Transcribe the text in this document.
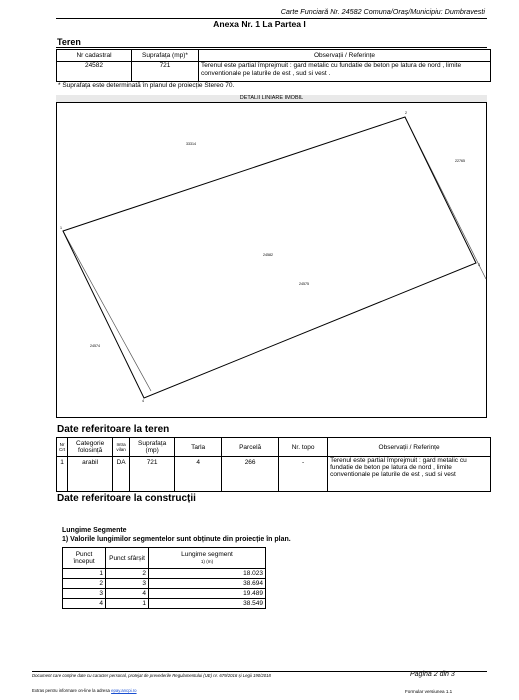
Carte Funciară Nr. 24582 Comuna/Oraș/Municipiu: Dumbravesti
Anexa Nr. 1 La Partea I
Teren
Nr cadastral	Suprafața (mp)*	Observații / Referințe
24582	721	Terenul este partial împrejmuit : gard metalic cu fundatie de beton pe latura de nord , limite conventionale pe laturile de est , sud si vest .
* Suprafața este determinată în planul de proiecție Stereo 70.
DETALII LINIARE IMOBIL
33314
22765
24582
24575
24574
1
2
3
4
Date referitoare la teren
Nr Crt	Categorie folosință	Intra vilan	Suprafața (mp)	Tarla	Parcelă	Nr. topo	Observații / Referințe
1	arabil	DA	721	4	266	-	Terenul este partial împrejmuit : gard metalic cu fundatie de beton pe latura de nord , limite conventionale pe laturile de est , sud si vest
Date referitoare la construcții
Lungime Segmente
1) Valorile lungimilor segmentelor sunt obținute din proiecție în plan.
Punct început	Punct sfârșit	Lungime segment
1) (m)

1	2	18.023
2	3	38.694
3	4	19.489
4	1	38.549
Document care conține date cu caracter personal, protejat de prevederile Regulamentului (UE) nr. 679/2016 și Legii 190/2018	Pagina 2 din 3
Extras pentru informare on-line la adresa epay.ancpi.ro	Formular versiunea 1.1
